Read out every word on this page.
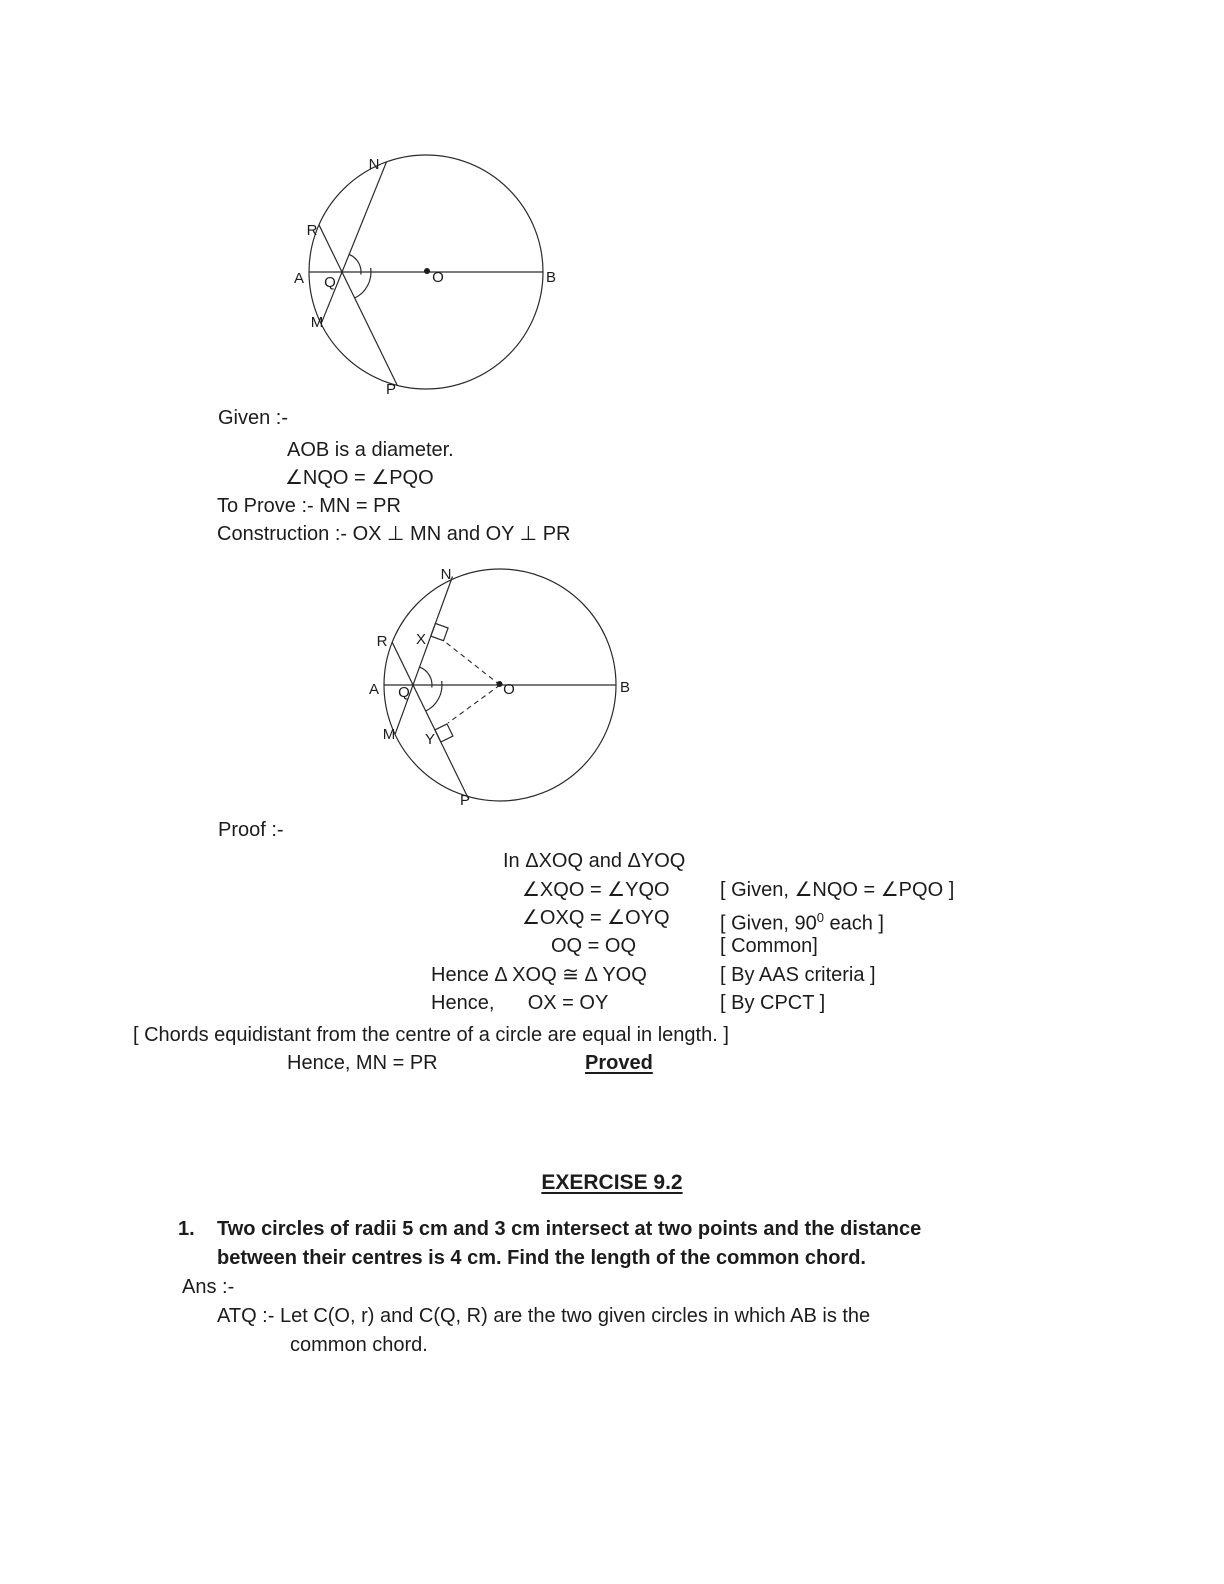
N
R
A Q
M
P
O	B
Given :-
AOB is a diameter.
∠NQO = ∠PQO
To Prove :- MN = PR
Construction :- OX ⊥ MN and OY ⊥ PR
N
R X
A Q
M Y
P
O	B
Proof :-
In ΔXOQ and ΔYOQ
∠XQO = ∠YQO	[ Given, ∠NQO = ∠PQO ]
∠OXQ = ∠OYQ	[ Given, $90^0$ each ]
OQ = OQ	[ Common]
Hence Δ XOQ ≅ Δ YOQ	[ By AAS criteria ]
Hence,      OX = OY	[ By CPCT ]
[ Chords equidistant from the centre of a circle are equal in length. ]
Hence, MN = PR	Proved
EXERCISE 9.2
1. Two circles of radii 5 cm and 3 cm intersect at two points and the distance
between their centres is 4 cm. Find the length of the common chord.
Ans :-
ATQ :- Let C(O, r) and C(Q, R) are the two given circles in which AB is the
common chord.
